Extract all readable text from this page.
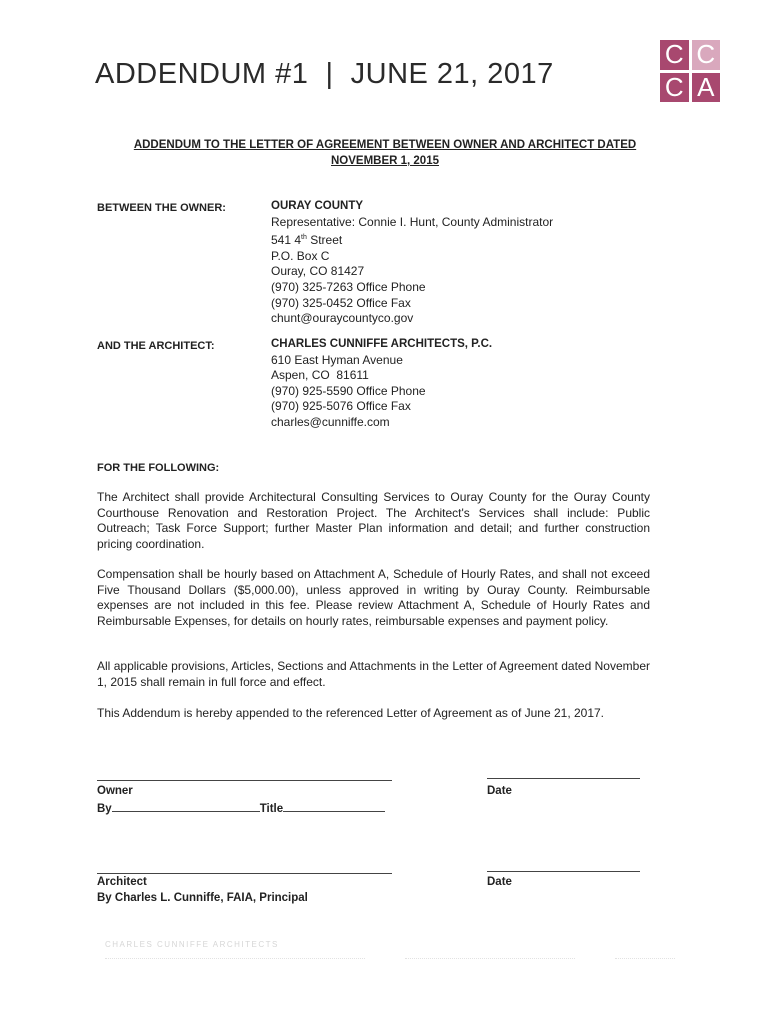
C C
C A
ADDENDUM #1  |  JUNE 21, 2017
ADDENDUM TO THE LETTER OF AGREEMENT BETWEEN OWNER AND ARCHITECT DATED
NOVEMBER 1, 2015
BETWEEN THE OWNER:	OURAY COUNTY
Representative: Connie I. Hunt, County Administrator
541 4th Street
P.O. Box C
Ouray, CO 81427
(970) 325-7263 Office Phone
(970) 325-0452 Office Fax
chunt@ouraycountyco.gov
AND THE ARCHITECT:	CHARLES CUNNIFFE ARCHITECTS, P.C.
610 East Hyman Avenue
Aspen, CO  81611
(970) 925-5590 Office Phone
(970) 925-5076 Office Fax
charles@cunniffe.com
FOR THE FOLLOWING:
The Architect shall provide Architectural Consulting Services to Ouray County for the Ouray County Courthouse Renovation and Restoration Project. The Architect's Services shall include: Public Outreach; Task Force Support; further Master Plan information and detail; and further construction pricing coordination.
Compensation shall be hourly based on Attachment A, Schedule of Hourly Rates, and shall not exceed Five Thousand Dollars ($5,000.00), unless approved in writing by Ouray County. Reimbursable expenses are not included in this fee. Please review Attachment A, Schedule of Hourly Rates and Reimbursable Expenses, for details on hourly rates, reimbursable expenses and payment policy.
All applicable provisions, Articles, Sections and Attachments in the Letter of Agreement dated November 1, 2015 shall remain in full force and effect.
This Addendum is hereby appended to the referenced Letter of Agreement as of June 21, 2017.
Owner	Date
By	Title
Architect	Date
By Charles L. Cunniffe, FAIA, Principal
CHARLES CUNNIFFE ARCHITECTS
